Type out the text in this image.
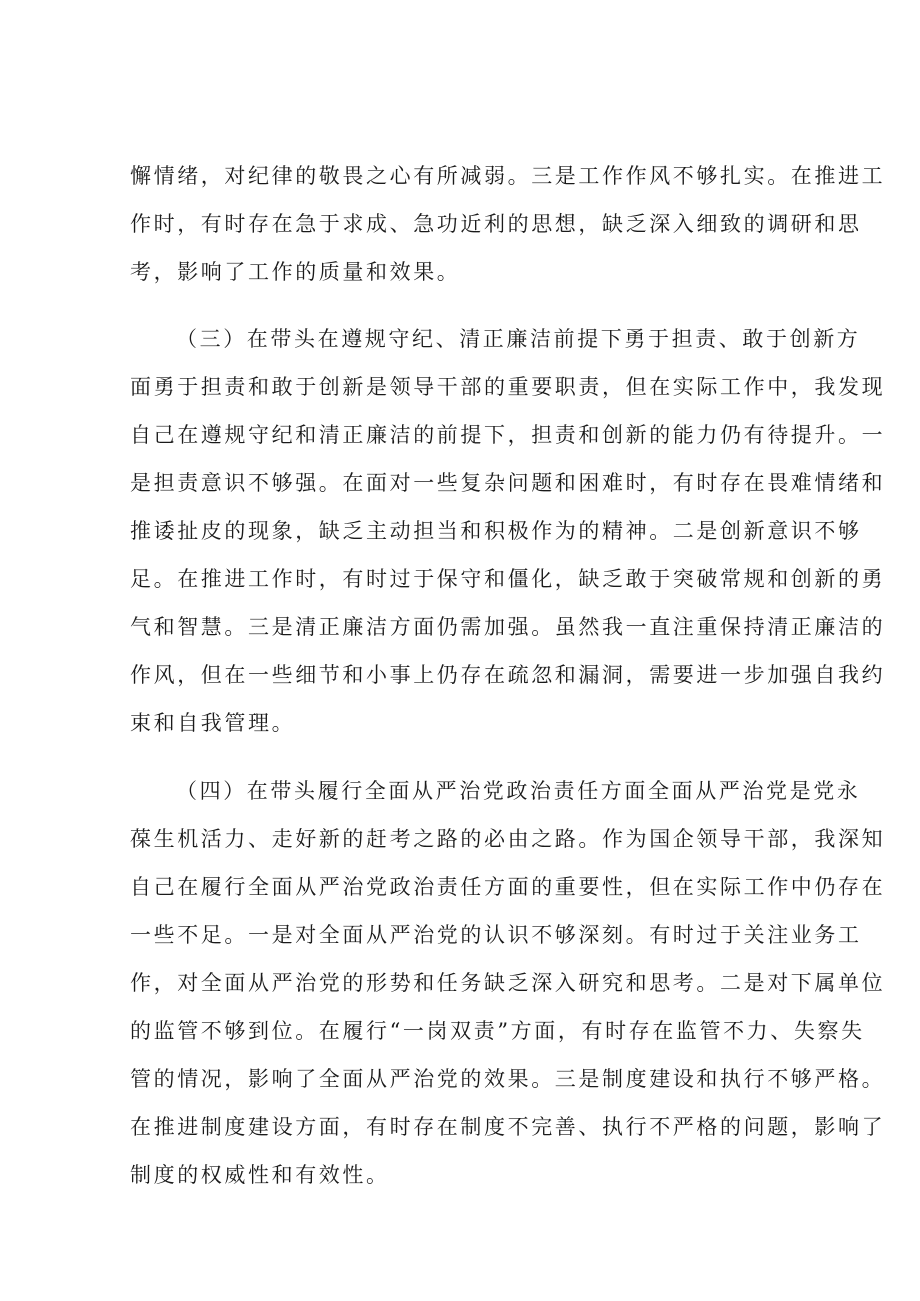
懈情绪，对纪律的敬畏之心有所减弱。三是工作作风不够扎实。在推进工
作时，有时存在急于求成、急功近利的思想，缺乏深入细致的调研和思
考，影响了工作的质量和效果。
（三）在带头在遵规守纪、清正廉洁前提下勇于担责、敢于创新方
面勇于担责和敢于创新是领导干部的重要职责，但在实际工作中，我发现
自己在遵规守纪和清正廉洁的前提下，担责和创新的能力仍有待提升。一
是担责意识不够强。在面对一些复杂问题和困难时，有时存在畏难情绪和
推诿扯皮的现象，缺乏主动担当和积极作为的精神。二是创新意识不够
足。在推进工作时，有时过于保守和僵化，缺乏敢于突破常规和创新的勇
气和智慧。三是清正廉洁方面仍需加强。虽然我一直注重保持清正廉洁的
作风，但在一些细节和小事上仍存在疏忽和漏洞，需要进一步加强自我约
束和自我管理。
（四）在带头履行全面从严治党政治责任方面全面从严治党是党永
葆生机活力、走好新的赶考之路的必由之路。作为国企领导干部，我深知
自己在履行全面从严治党政治责任方面的重要性，但在实际工作中仍存在
一些不足。一是对全面从严治党的认识不够深刻。有时过于关注业务工
作，对全面从严治党的形势和任务缺乏深入研究和思考。二是对下属单位
的监管不够到位。在履行“一岗双责”方面，有时存在监管不力、失察失
管的情况，影响了全面从严治党的效果。三是制度建设和执行不够严格。
在推进制度建设方面，有时存在制度不完善、执行不严格的问题，影响了
制度的权威性和有效性。
